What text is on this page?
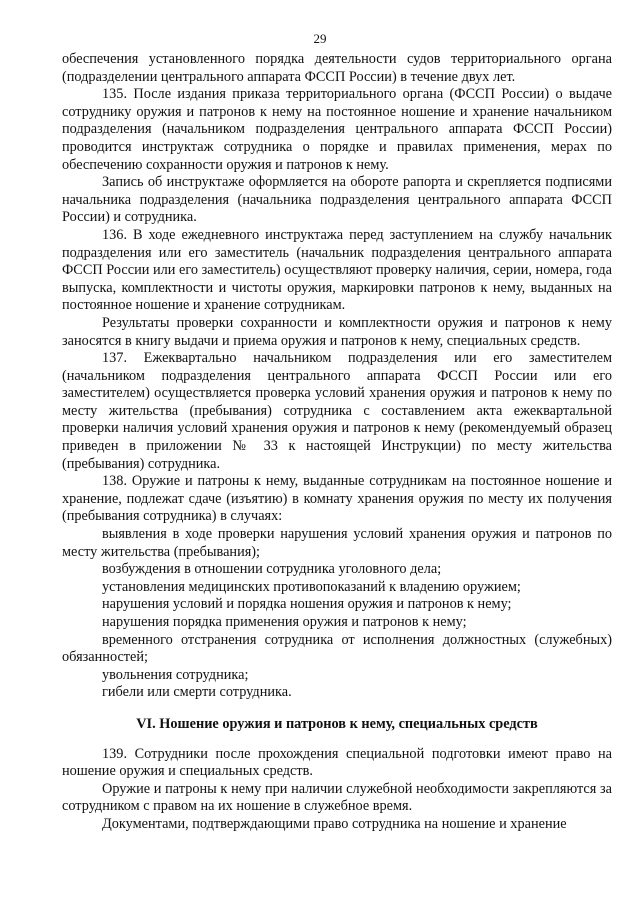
29

обеспечения установленного порядка деятельности судов территориального органа (подразделении центрального аппарата ФССП России) в течение двух лет.

135. После издания приказа территориального органа (ФССП России) о выдаче сотруднику оружия и патронов к нему на постоянное ношение и хранение начальником подразделения (начальником подразделения центрального аппарата ФССП России) проводится инструктаж сотрудника о порядке и правилах применения, мерах по обеспечению сохранности оружия и патронов к нему.

Запись об инструктаже оформляется на обороте рапорта и скрепляется подписями начальника подразделения (начальника подразделения центрального аппарата ФССП России) и сотрудника.

136. В ходе ежедневного инструктажа перед заступлением на службу начальник подразделения или его заместитель (начальник подразделения центрального аппарата ФССП России или его заместитель) осуществляют проверку наличия, серии, номера, года выпуска, комплектности и чистоты оружия, маркировки патронов к нему, выданных на постоянное ношение и хранение сотрудникам.

Результаты проверки сохранности и комплектности оружия и патронов к нему заносятся в книгу выдачи и приема оружия и патронов к нему, специальных средств.

137. Ежеквартально начальником подразделения или его заместителем (начальником подразделения центрального аппарата ФССП России или его заместителем) осуществляется проверка условий хранения оружия и патронов к нему по месту жительства (пребывания) сотрудника с составлением акта ежеквартальной проверки наличия условий хранения оружия и патронов к нему (рекомендуемый образец приведен в приложении № 33 к настоящей Инструкции) по месту жительства (пребывания) сотрудника.

138. Оружие и патроны к нему, выданные сотрудникам на постоянное ношение и хранение, подлежат сдаче (изъятию) в комнату хранения оружия по месту их получения (пребывания сотрудника) в случаях:

выявления в ходе проверки нарушения условий хранения оружия и патронов по месту жительства (пребывания);

возбуждения в отношении сотрудника уголовного дела;

установления медицинских противопоказаний к владению оружием;

нарушения условий и порядка ношения оружия и патронов к нему;

нарушения порядка применения оружия и патронов к нему;

временного отстранения сотрудника от исполнения должностных (служебных) обязанностей;

увольнения сотрудника;

гибели или смерти сотрудника.

VI. Ношение оружия и патронов к нему, специальных средств

139. Сотрудники после прохождения специальной подготовки имеют право на ношение оружия и специальных средств.

Оружие и патроны к нему при наличии служебной необходимости закрепляются за сотрудником с правом на их ношение в служебное время.

Документами, подтверждающими право сотрудника на ношение и хранение
